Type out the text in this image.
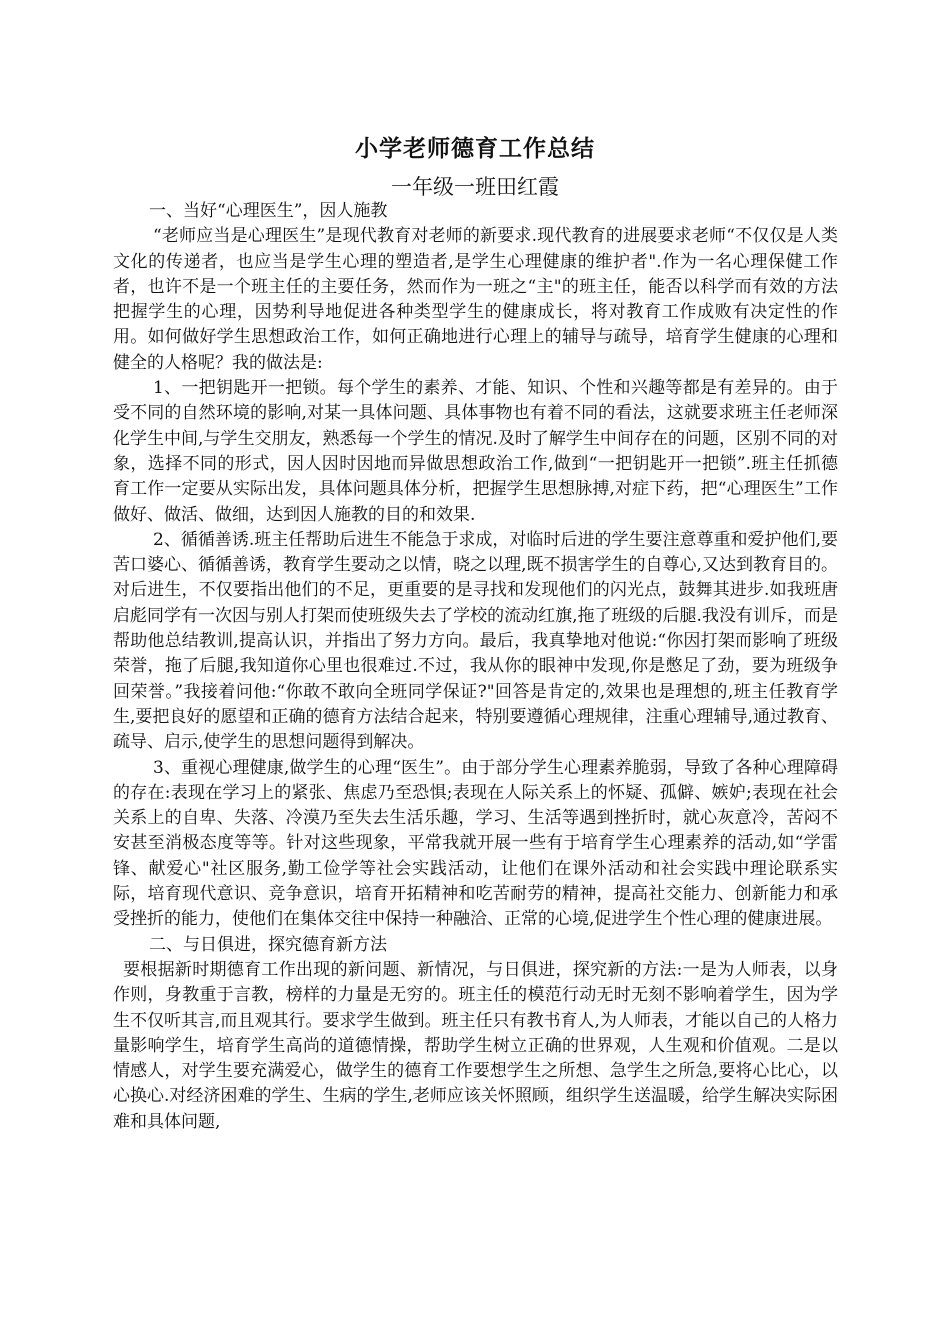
小学老师德育工作总结
一年级一班田红霞

一、当好“心理医生”，因人施教

“老师应当是心理医生”是现代教育对老师的新要求.现代教育的进展要求老师“不仅仅是人类文化的传递者，也应当是学生心理的塑造者,是学生心理健康的维护者".作为一名心理保健工作者，也许不是一个班主任的主要任务，然而作为一班之“主"的班主任，能否以科学而有效的方法把握学生的心理，因势利导地促进各种类型学生的健康成长，将对教育工作成败有决定性的作用。如何做好学生思想政治工作，如何正确地进行心理上的辅导与疏导，培育学生健康的心理和健全的人格呢？我的做法是:

1、一把钥匙开一把锁。每个学生的素养、才能、知识、个性和兴趣等都是有差异的。由于受不同的自然环境的影响,对某一具体问题、具体事物也有着不同的看法，这就要求班主任老师深化学生中间,与学生交朋友，熟悉每一个学生的情况.及时了解学生中间存在的问题，区别不同的对象，选择不同的形式，因人因时因地而异做思想政治工作,做到“一把钥匙开一把锁”.班主任抓德育工作一定要从实际出发，具体问题具体分析，把握学生思想脉搏,对症下药，把“心理医生”工作做好、做活、做细，达到因人施教的目的和效果.

2、循循善诱.班主任帮助后进生不能急于求成，对临时后进的学生要注意尊重和爱护他们,要苦口婆心、循循善诱，教育学生要动之以情，晓之以理,既不损害学生的自尊心,又达到教育目的。对后进生，不仅要指出他们的不足，更重要的是寻找和发现他们的闪光点，鼓舞其进步.如我班唐启彪同学有一次因与别人打架而使班级失去了学校的流动红旗,拖了班级的后腿.我没有训斥，而是帮助他总结教训,提高认识，并指出了努力方向。最后，我真挚地对他说:“你因打架而影响了班级荣誉，拖了后腿,我知道你心里也很难过.不过，我从你的眼神中发现,你是憋足了劲，要为班级争回荣誉。”我接着问他:“你敢不敢向全班同学保证?"回答是肯定的,效果也是理想的,班主任教育学生,要把良好的愿望和正确的德育方法结合起来，特别要遵循心理规律，注重心理辅导,通过教育、疏导、启示,使学生的思想问题得到解决。

3、重视心理健康,做学生的心理“医生”。由于部分学生心理素养脆弱，导致了各种心理障碍的存在:表现在学习上的紧张、焦虑乃至恐惧;表现在人际关系上的怀疑、孤僻、嫉妒;表现在社会关系上的自卑、失落、冷漠乃至失去生活乐趣，学习、生活等遇到挫折时，就心灰意冷，苦闷不安甚至消极态度等等。针对这些现象，平常我就开展一些有于培育学生心理素养的活动,如“学雷锋、献爱心"社区服务,勤工俭学等社会实践活动，让他们在课外活动和社会实践中理论联系实际，培育现代意识、竞争意识，培育开拓精神和吃苦耐劳的精神，提高社交能力、创新能力和承受挫折的能力，使他们在集体交往中保持一种融洽、正常的心境,促进学生个性心理的健康进展。

二、与日俱进，探究德育新方法

要根据新时期德育工作出现的新问题、新情况，与日俱进，探究新的方法:一是为人师表，以身作则，身教重于言教，榜样的力量是无穷的。班主任的模范行动无时无刻不影响着学生，因为学生不仅听其言,而且观其行。要求学生做到。班主任只有教书育人,为人师表，才能以自己的人格力量影响学生，培育学生高尚的道德情操，帮助学生树立正确的世界观，人生观和价值观。二是以情感人，对学生要充满爱心，做学生的德育工作要想学生之所想、急学生之所急,要将心比心，以心换心.对经济困难的学生、生病的学生,老师应该关怀照顾，组织学生送温暖，给学生解决实际困难和具体问题,
